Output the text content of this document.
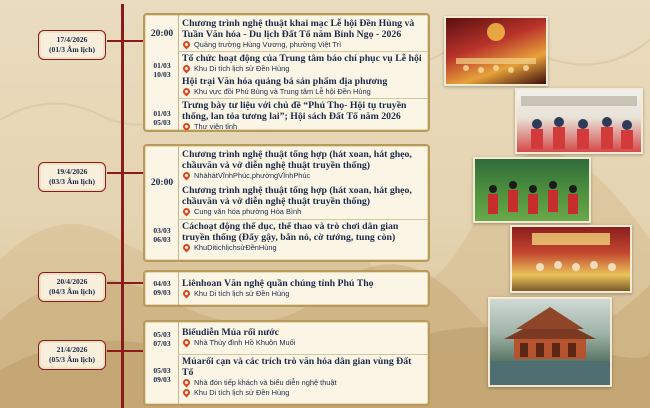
17/4/2026
(01/3 Âm lịch)
20:00
Chương trình nghệ thuật khai mạc Lễ hội Đền Hùng và Tuần Văn hóa - Du lịch Đất Tổ năm Bính Ngọ - 2026
Quảng trường Hùng Vương, phường Việt Trì
01/03
10/03
Tổ chức hoạt động của Trung tâm báo chí phục vụ Lễ hội
Khu Di tích lịch sử Đền Hùng
Hội trại Văn hóa quảng bá sản phẩm địa phương
Khu vực đồi Phú Bùng và Trung tâm Lễ hội Đền Hùng
01/03
05/03
Trưng bày tư liệu với chủ đề “Phú Thọ- Hội tụ truyền thống, lan tỏa tương lai”; Hội sách Đất Tổ năm 2026
Thư viện tỉnh
19/4/2026
(03/3 Âm lịch)	20:00
Chương trình nghệ thuật tổng hợp (hát xoan, hát ghẹo, chầuvăn và vở diễn nghệ thuật truyền thống)
NhàhátVĩnhPhúc,phườngVĩnhPhúc
Chương trình nghệ thuật tổng hợp (hát xoan, hát ghẹo, chầuvăn và vở diễn nghệ thuật truyền thống)
Cung văn hóa phường Hòa Bình
03/03
06/03
Cáchoạt động thể dục, thể thao và trò chơi dân gian truyền thống (Đẩy gậy, bắn nỏ, cờ tướng, tung còn)
KhuDitichlịchsửĐềnHùng
20/4/2026
(04/3 Âm lịch)
04/03
09/03
Liênhoan Văn nghệ quần chúng tỉnh Phú Thọ
Khu Di tích lịch sử Đền Hùng
21/4/2026
(05/3 Âm lịch)
05/03
07/03
Biểudiễn Múa rối nước
Nhà Thủy đình Hồ Khuôn Muối
05/03
09/03
Múarối cạn và các trích trò văn hóa dân gian vùng Đất Tổ
Nhà đón tiếp khách và biểu diễn nghệ thuật
Khu Di tích lịch sử Đền Hùng
